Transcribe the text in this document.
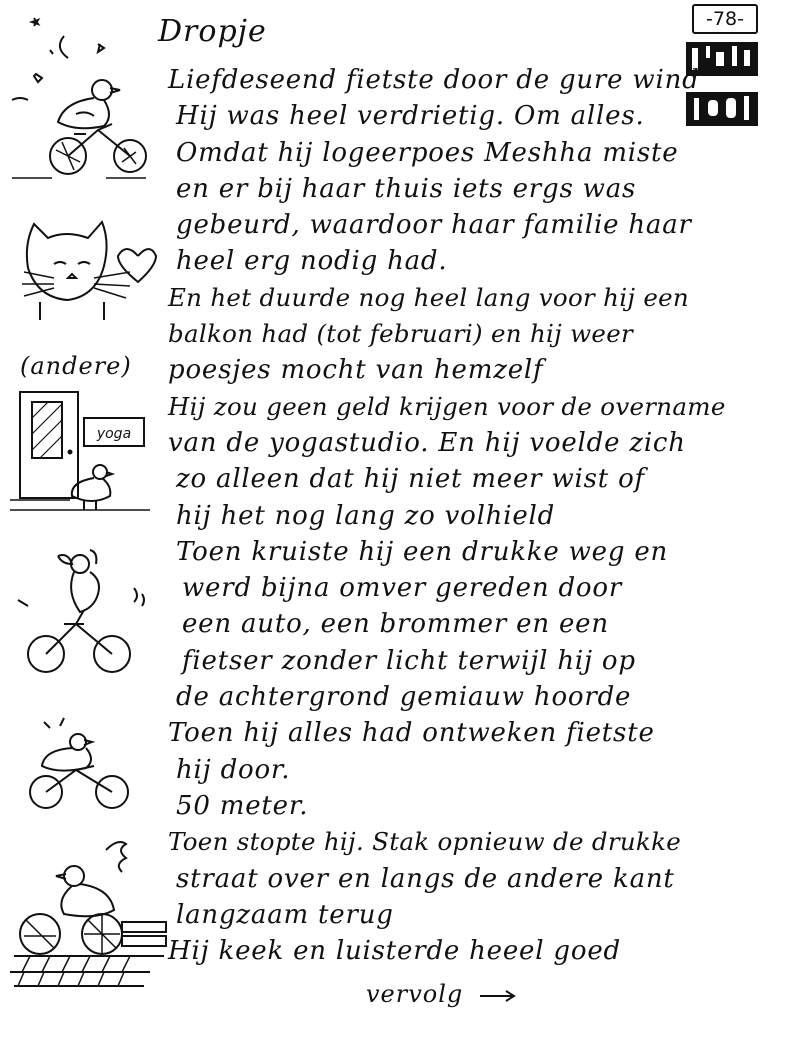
Dropje	-78-
Liefdeseend fietste door de gure wind
Hij was heel verdrietig. Om alles.
Omdat hij logeerpoes Meshha miste
en er bij haar thuis iets ergs was
gebeurd, waardoor haar familie haar
heel erg nodig had.
En het duurde nog heel lang voor hij een
balkon had (tot februari) en hij weer
poesjes mocht van hemzelf
Hij zou geen geld krijgen voor de overname
van de yogastudio. En hij voelde zich
zo alleen dat hij niet meer wist of
hij het nog lang zo volhield
Toen kruiste hij een drukke weg en
werd bijna omver gereden door
een auto, een brommer en een
fietser zonder licht terwijl hij op
de achtergrond gemiauw hoorde
Toen hij alles had ontweken fietste
hij door.
50 meter.
Toen stopte hij. Stak opnieuw de drukke
straat over en langs de andere kant
langzaam terug
Hij keek en luisterde heeel goed
(andere)
vervolg
yoga
